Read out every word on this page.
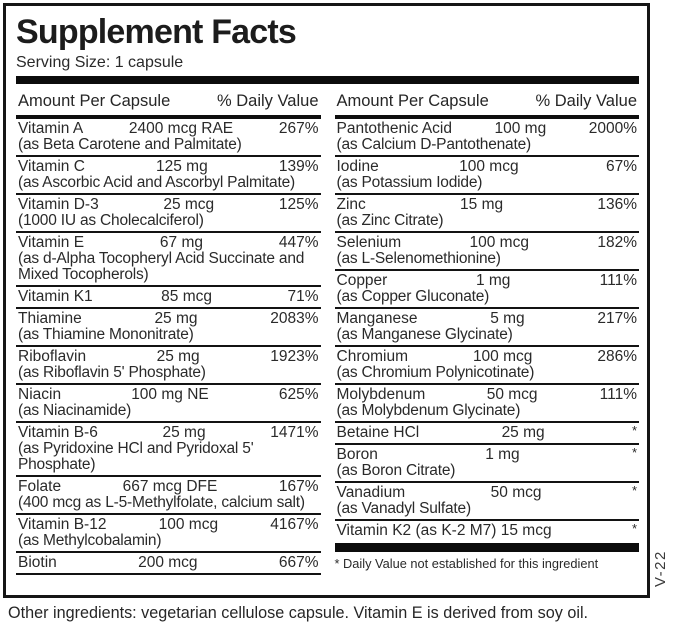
Supplement Facts
Serving Size: 1 capsule
Amount Per Capsule	% Daily Value
Vitamin A	2400 mcg RAE	267%
(as Beta Carotene and Palmitate)
Vitamin C	125 mg	139%
(as Ascorbic Acid and Ascorbyl Palmitate)
Vitamin D-3	25 mcg	125%
(1000 IU as Cholecalciferol)
Vitamin E	67 mg	447%
(as d-Alpha Tocopheryl Acid Succinate and Mixed Tocopherols)
Vitamin K1	85 mcg	71%
Thiamine	25 mg	2083%
(as Thiamine Mononitrate)
Riboflavin	25 mg	1923%
(as Riboflavin 5' Phosphate)
Niacin	100 mg NE	625%
(as Niacinamide)
Vitamin B-6	25 mg	1471%
(as Pyridoxine HCl and Pyridoxal 5' Phosphate)
Folate	667 mcg DFE	167%
(400 mcg as L-5-Methylfolate, calcium salt)
Vitamin B-12	100 mcg	4167%
(as Methylcobalamin)
Biotin	200 mcg	667%
Amount Per Capsule	% Daily Value
Pantothenic Acid	100 mg	2000%
(as Calcium D-Pantothenate)
Iodine	100 mcg	67%
(as Potassium Iodide)
Zinc	15 mg	136%
(as Zinc Citrate)
Selenium	100 mcg	182%
(as L-Selenomethionine)
Copper	1 mg	111%
(as Copper Gluconate)
Manganese	5 mg	217%
(as Manganese Glycinate)
Chromium	100 mcg	286%
(as Chromium Polynicotinate)
Molybdenum	50 mcg	111%
(as Molybdenum Glycinate)
Betaine HCl	25 mg	*
Boron	1 mg	*
(as Boron Citrate)
Vanadium	50 mcg	*
(as Vanadyl Sulfate)
Vitamin K2 (as K-2 M7) 15 mcg	*
* Daily Value not established for this ingredient
Other ingredients: vegetarian cellulose capsule. Vitamin E is derived from soy oil.
V-22
